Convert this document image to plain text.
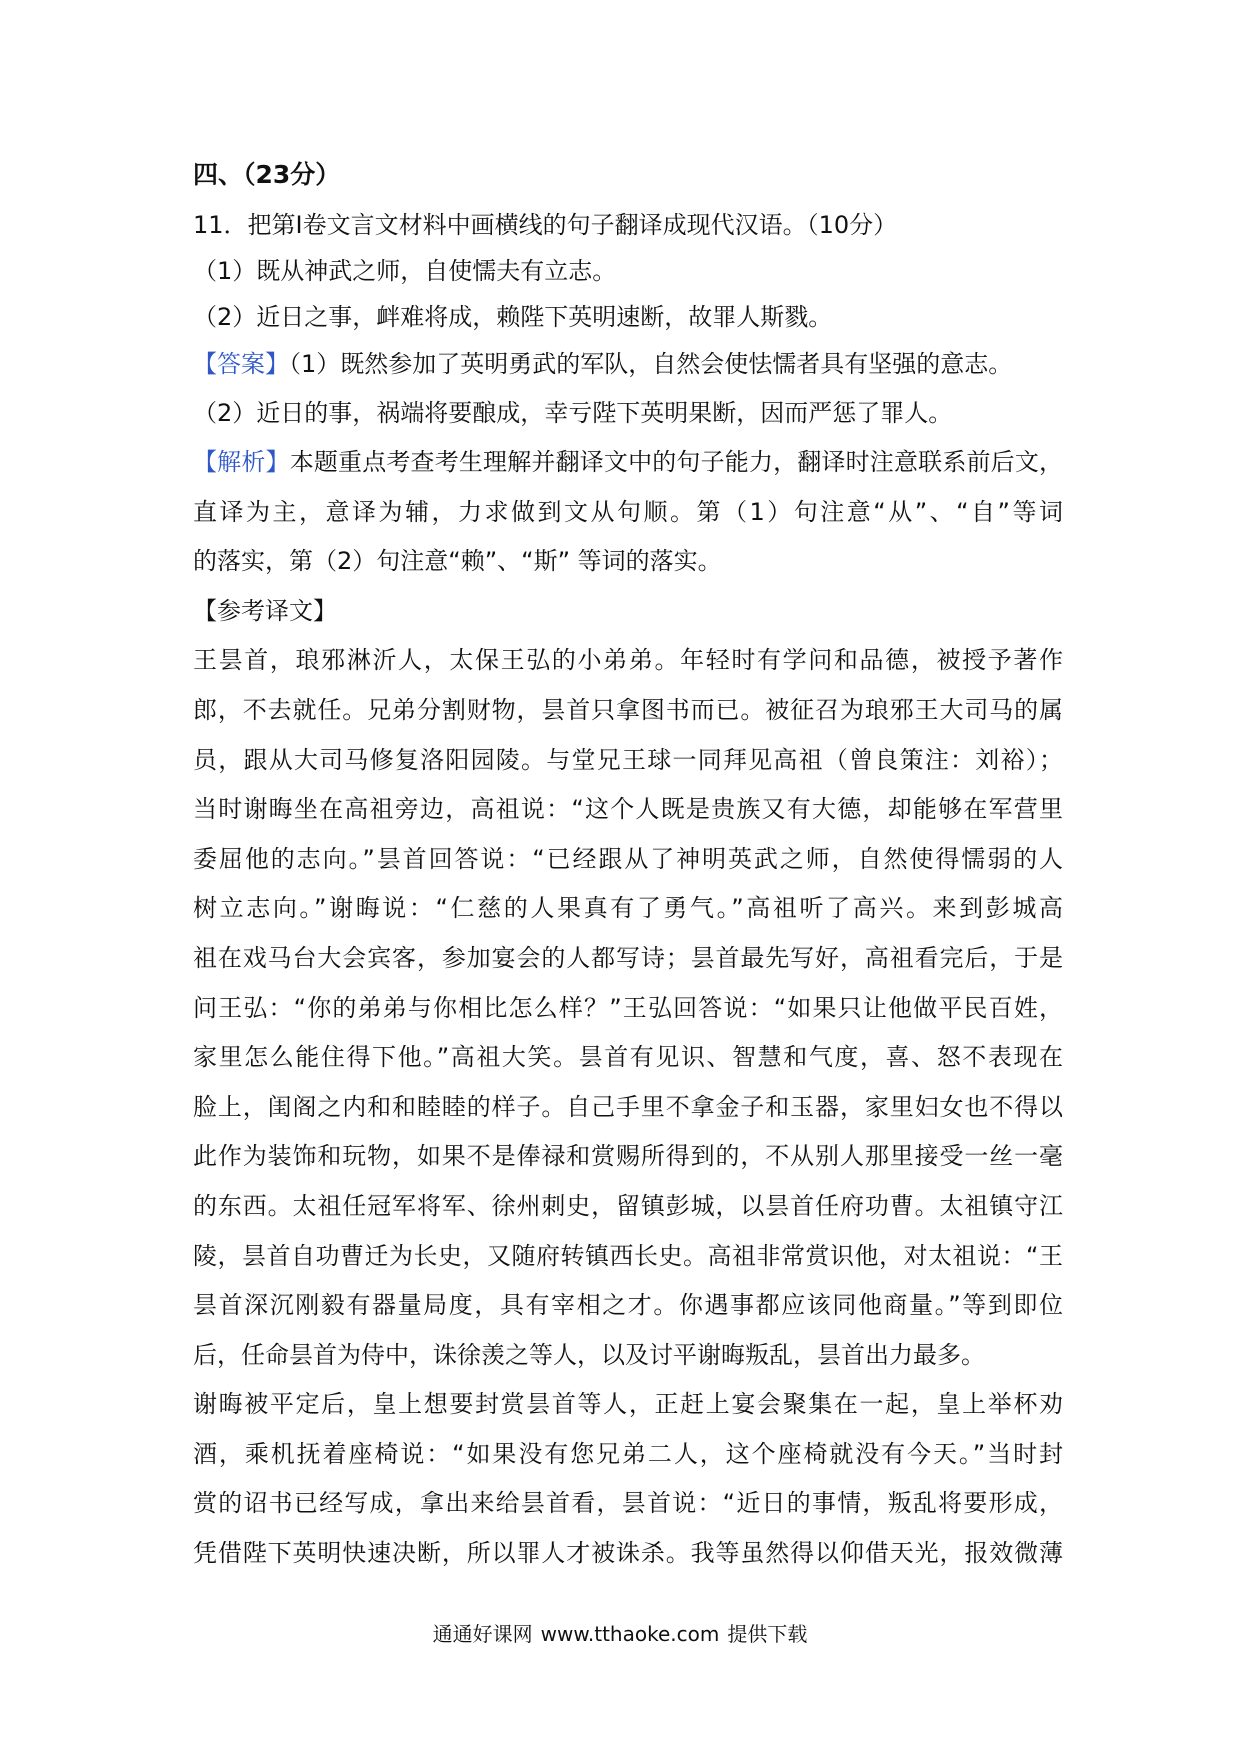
四、（23分）

11．把第Ⅰ卷文言文材料中画横线的句子翻译成现代汉语。（10分）

（1）既从神武之师，自使懦夫有立志。

（2）近日之事，衅难将成，赖陛下英明速断，故罪人斯戮。

【答案】（1）既然参加了英明勇武的军队，自然会使怯懦者具有坚强的意志。

（2）近日的事，祸端将要酿成，幸亏陛下英明果断，因而严惩了罪人。

【解析】本题重点考查考生理解并翻译文中的句子能力，翻译时注意联系前后文，

直译为主，意译为辅，力求做到文从句顺。第（1）句注意“从”、“自”等词

的落实，第（2）句注意“赖”、“斯” 等词的落实。

【参考译文】

王昙首，琅邪淋沂人，太保王弘的小弟弟。年轻时有学问和品德，被授予著作

郎，不去就任。兄弟分割财物，昙首只拿图书而已。被征召为琅邪王大司马的属

员，跟从大司马修复洛阳园陵。与堂兄王球一同拜见高祖（曾良策注：刘裕）；

当时谢晦坐在高祖旁边，高祖说：“这个人既是贵族又有大德，却能够在军营里

委屈他的志向。”昙首回答说：“已经跟从了神明英武之师，自然使得懦弱的人

树立志向。”谢晦说：“仁慈的人果真有了勇气。”高祖听了高兴。来到彭城高

祖在戏马台大会宾客，参加宴会的人都写诗；昙首最先写好，高祖看完后，于是

问王弘：“你的弟弟与你相比怎么样？”王弘回答说：“如果只让他做平民百姓，

家里怎么能住得下他。”高祖大笑。昙首有见识、智慧和气度，喜、怒不表现在

脸上，闺阁之内和和睦睦的样子。自己手里不拿金子和玉器，家里妇女也不得以

此作为装饰和玩物，如果不是俸禄和赏赐所得到的，不从别人那里接受一丝一毫

的东西。太祖任冠军将军、徐州刺史，留镇彭城，以昙首任府功曹。太祖镇守江

陵，昙首自功曹迁为长史，又随府转镇西长史。高祖非常赏识他，对太祖说：“王

昙首深沉刚毅有器量局度，具有宰相之才。你遇事都应该同他商量。”等到即位

后，任命昙首为侍中，诛徐羡之等人，以及讨平谢晦叛乱，昙首出力最多。

谢晦被平定后，皇上想要封赏昙首等人，正赶上宴会聚集在一起，皇上举杯劝

酒，乘机抚着座椅说：“如果没有您兄弟二人，这个座椅就没有今天。”当时封

赏的诏书已经写成，拿出来给昙首看，昙首说：“近日的事情，叛乱将要形成，

凭借陛下英明快速决断，所以罪人才被诛杀。我等虽然得以仰借天光，报效微薄

通通好课网 www.tthaoke.com 提供下载
